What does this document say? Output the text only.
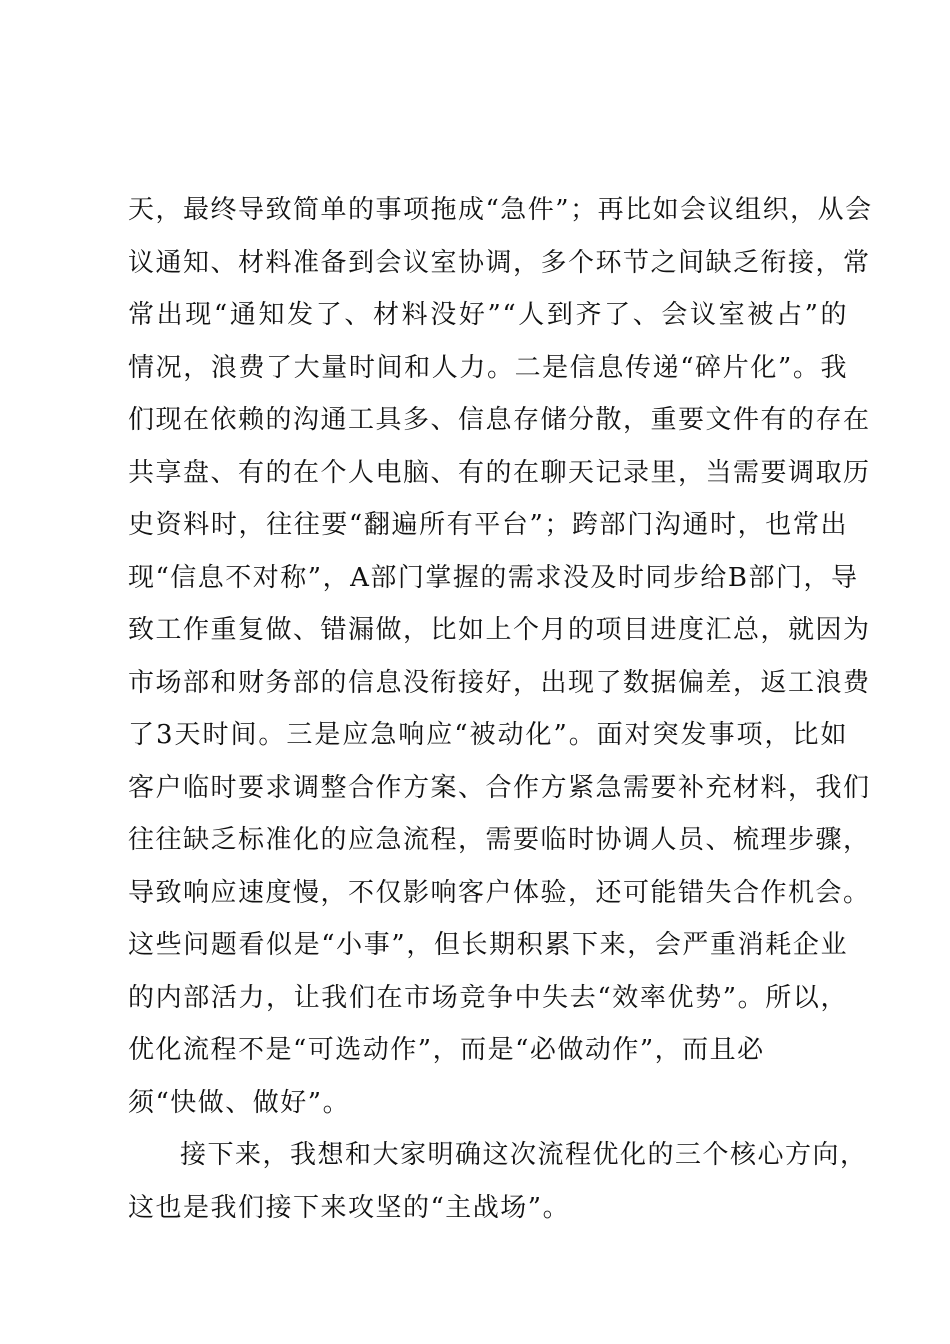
天，最终导致简单的事项拖成“急件”；再比如会议组织，从会
议通知、材料准备到会议室协调，多个环节之间缺乏衔接，常
常出现“通知发了、材料没好”“人到齐了、会议室被占”的
情况，浪费了大量时间和人力。二是信息传递“碎片化”。我
们现在依赖的沟通工具多、信息存储分散，重要文件有的存在
共享盘、有的在个人电脑、有的在聊天记录里，当需要调取历
史资料时，往往要“翻遍所有平台”；跨部门沟通时，也常出
现“信息不对称”，A部门掌握的需求没及时同步给B部门，导
致工作重复做、错漏做，比如上个月的项目进度汇总，就因为
市场部和财务部的信息没衔接好，出现了数据偏差，返工浪费
了3天时间。三是应急响应“被动化”。面对突发事项，比如
客户临时要求调整合作方案、合作方紧急需要补充材料，我们
往往缺乏标准化的应急流程，需要临时协调人员、梳理步骤，
导致响应速度慢，不仅影响客户体验，还可能错失合作机会。
这些问题看似是“小事”，但长期积累下来，会严重消耗企业
的内部活力，让我们在市场竞争中失去“效率优势”。所以，
优化流程不是“可选动作”，而是“必做动作”，而且必
须“快做、做好”。
接下来，我想和大家明确这次流程优化的三个核心方向，
这也是我们接下来攻坚的“主战场”。
